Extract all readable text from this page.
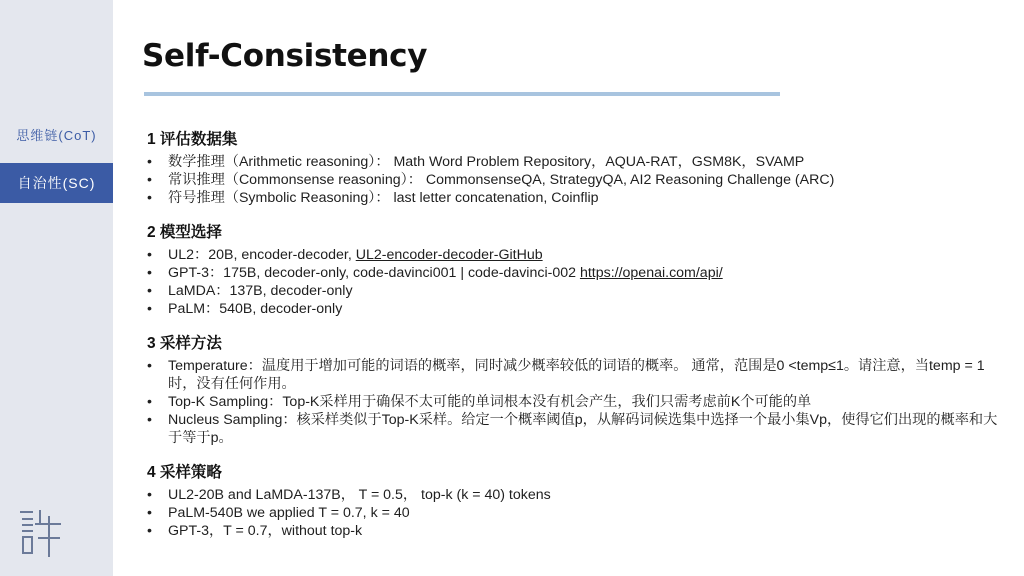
思维链(CoT)
自治性(SC)
Self-Consistency
1 评估数据集
• 数学推理（Arithmetic reasoning）： Math Word Problem Repository，AQUA-RAT，GSM8K，SVAMP
• 常识推理（Commonsense reasoning）： CommonsenseQA, StrategyQA, AI2 Reasoning Challenge (ARC)
• 符号推理（Symbolic Reasoning）： last letter concatenation, Coinflip
2 模型选择
• UL2：20B, encoder-decoder, UL2-encoder-decoder-GitHub
• GPT-3：175B, decoder-only, code-davinci001 | code-davinci-002 https://openai.com/api/
• LaMDA：137B, decoder-only
• PaLM：540B, decoder-only
3 采样方法
• Temperature：温度用于增加可能的词语的概率，同时减少概率较低的词语的概率。 通常，范围是0 <temp≤1。请注意，当temp = 1时，没有任何作用。
• Top-K Sampling：Top-K采样用于确保不太可能的单词根本没有机会产生，我们只需考虑前K个可能的单
• Nucleus Sampling：核采样类似于Top-K采样。给定一个概率阈值p，从解码词候选集中选择一个最小集Vp，使得它们出现的概率和大于等于p。
4 采样策略
• UL2-20B and LaMDA-137B， T = 0.5， top-k (k = 40) tokens
• PaLM-540B we applied T = 0.7, k = 40
• GPT-3，T = 0.7，without top-k
